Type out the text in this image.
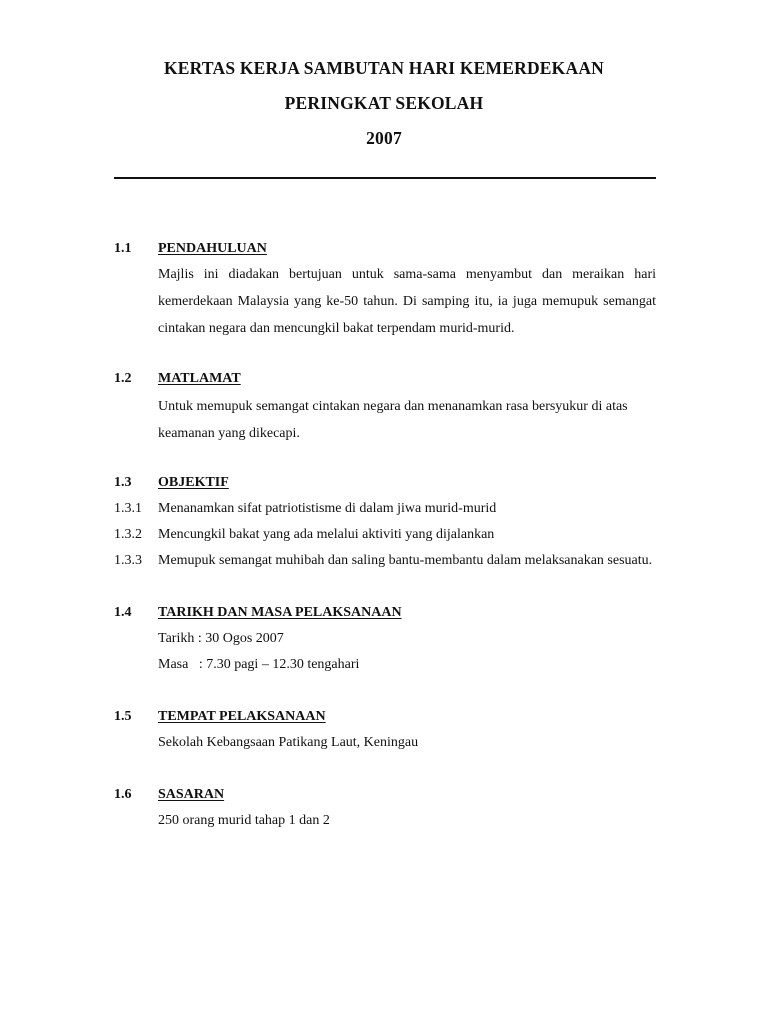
KERTAS KERJA SAMBUTAN HARI KEMERDEKAAN
PERINGKAT SEKOLAH
2007
1.1 PENDAHULUAN
Majlis ini diadakan bertujuan untuk sama-sama menyambut dan meraikan hari kemerdekaan Malaysia yang ke-50 tahun. Di samping itu, ia juga memupuk semangat cintakan negara dan mencungkil bakat terpendam murid-murid.
1.2 MATLAMAT
Untuk memupuk semangat cintakan negara dan menanamkan rasa bersyukur di atas keamanan yang dikecapi.
1.3 OBJEKTIF
1.3.1 Menanamkan sifat patriotistisme di dalam jiwa murid-murid
1.3.2 Mencungkil bakat yang ada melalui aktiviti yang dijalankan
1.3.3 Memupuk semangat muhibah dan saling bantu-membantu dalam melaksanakan sesuatu.
1.4 TARIKH DAN MASA PELAKSANAAN
Tarikh : 30 Ogos 2007
Masa   : 7.30 pagi – 12.30 tengahari
1.5 TEMPAT PELAKSANAAN
Sekolah Kebangsaan Patikang Laut, Keningau
1.6 SASARAN
250 orang murid tahap 1 dan 2
